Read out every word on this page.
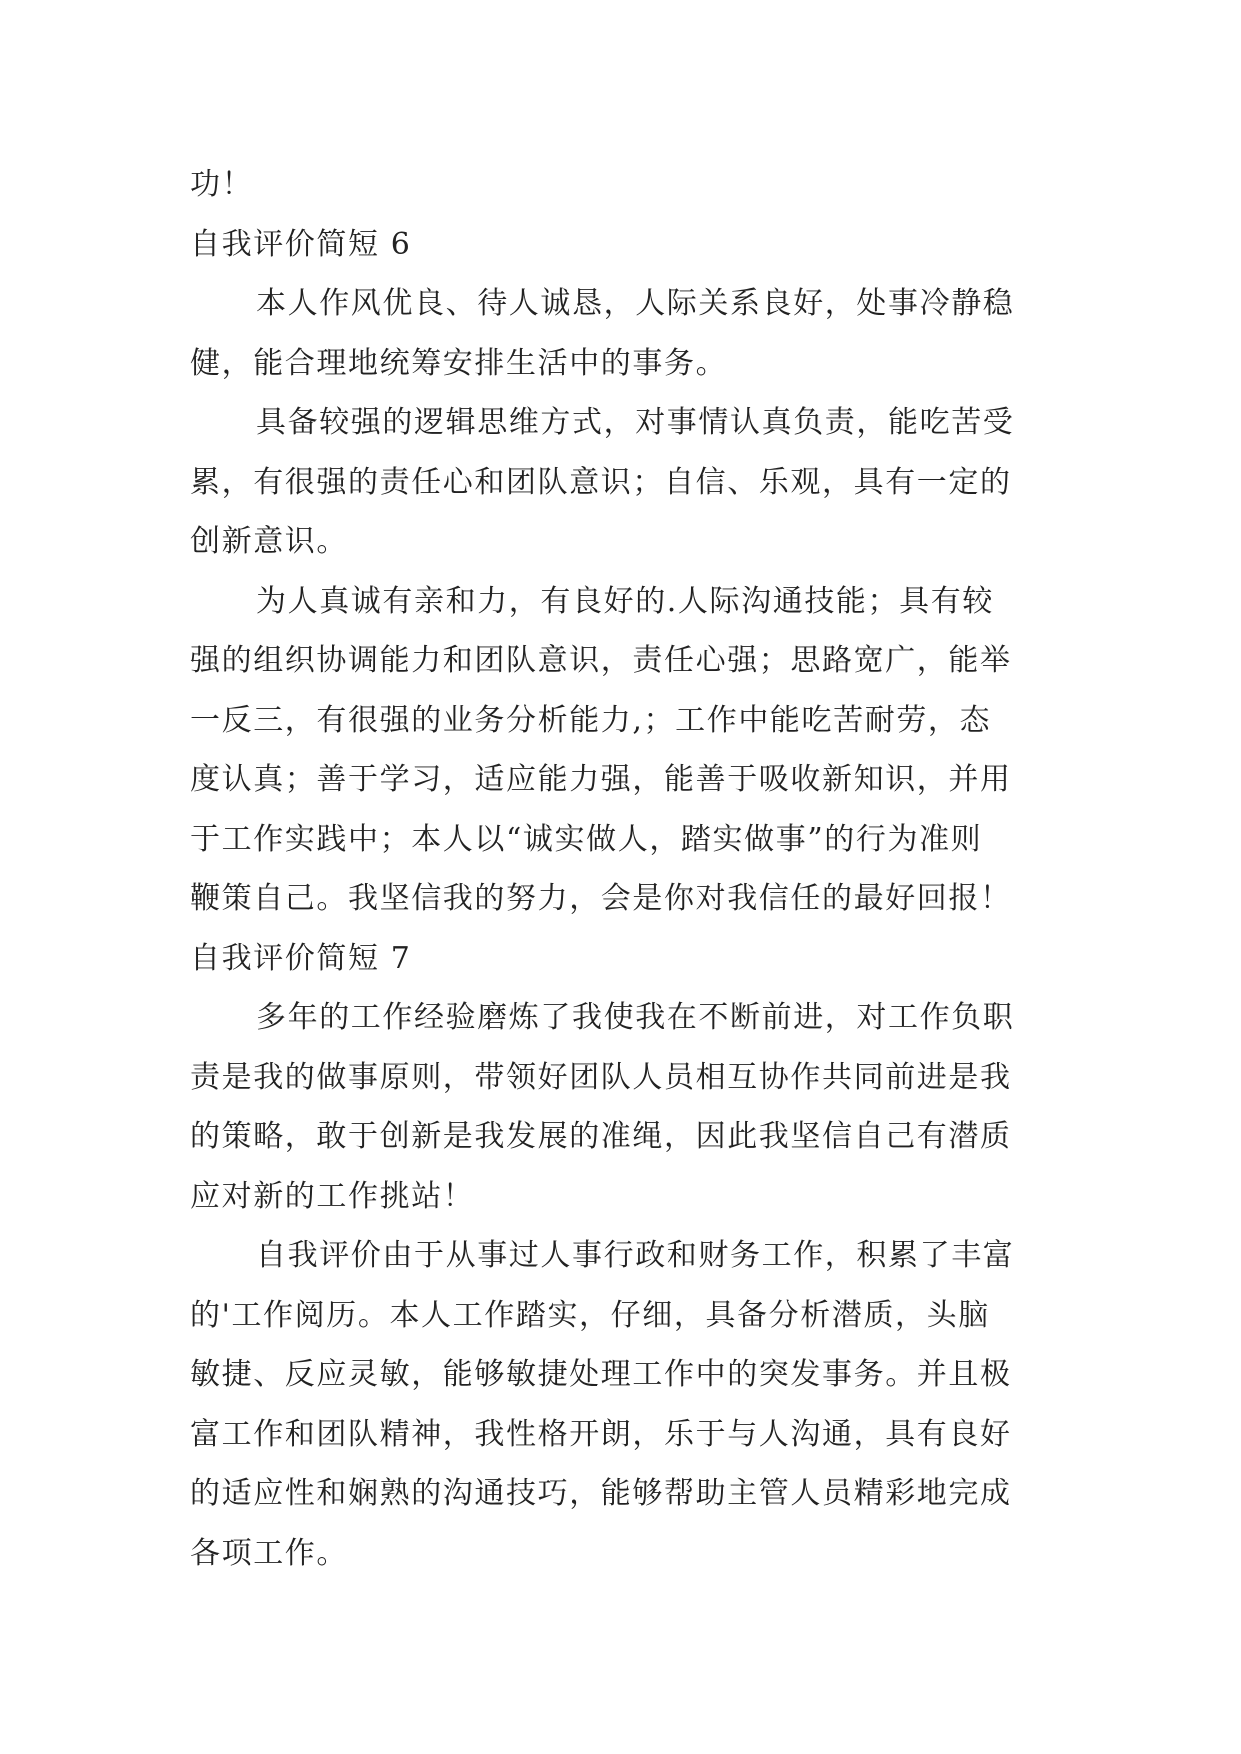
功！
自我评价简短 6
本人作风优良、待人诚恳，人际关系良好，处事冷静稳
健，能合理地统筹安排生活中的事务。
具备较强的逻辑思维方式，对事情认真负责，能吃苦受
累，有很强的责任心和团队意识；自信、乐观，具有一定的
创新意识。
为人真诚有亲和力，有良好的.人际沟通技能；具有较
强的组织协调能力和团队意识，责任心强；思路宽广，能举
一反三，有很强的业务分析能力,；工作中能吃苦耐劳，态
度认真；善于学习，适应能力强，能善于吸收新知识，并用
于工作实践中；本人以“诚实做人，踏实做事”的行为准则
鞭策自己。我坚信我的努力，会是你对我信任的最好回报！
自我评价简短 7
多年的工作经验磨炼了我使我在不断前进，对工作负职
责是我的做事原则，带领好团队人员相互协作共同前进是我
的策略，敢于创新是我发展的准绳，因此我坚信自己有潜质
应对新的工作挑站！
自我评价由于从事过人事行政和财务工作，积累了丰富
的'工作阅历。本人工作踏实，仔细，具备分析潜质，头脑
敏捷、反应灵敏，能够敏捷处理工作中的突发事务。并且极
富工作和团队精神，我性格开朗，乐于与人沟通，具有良好
的适应性和娴熟的沟通技巧，能够帮助主管人员精彩地完成
各项工作。
